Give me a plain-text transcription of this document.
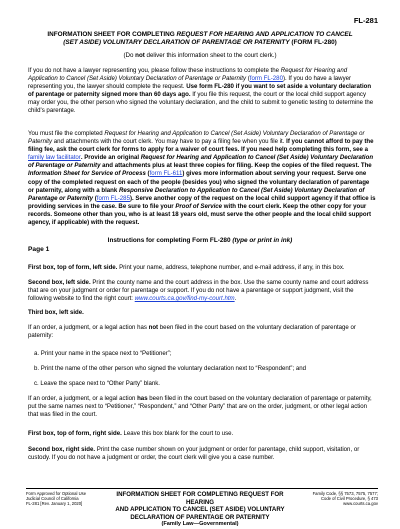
FL-281
INFORMATION SHEET FOR COMPLETING REQUEST FOR HEARING AND APPLICATION TO CANCEL
(SET ASIDE) VOLUNTARY DECLARATION OF PARENTAGE OR PATERNITY (FORM FL-280)
(Do not deliver this information sheet to the court clerk.)
If you do not have a lawyer representing you, please follow these instructions to complete the Request for Hearing and Application to Cancel (Set Aside) Voluntary Declaration of Parentage or Paternity (form FL-280). If you do have a lawyer representing you, the lawyer should complete the request. Use form FL-280 if you want to set aside a voluntary declaration of parentage or paternity signed more than 60 days ago. If you file this request, the court or the local child support agency may order you, the other person who signed the voluntary declaration, and the child to submit to genetic testing to determine the child's parentage.
You must file the completed Request for Hearing and Application to Cancel (Set Aside) Voluntary Declaration of Parentage or Paternity and attachments with the court clerk. You may have to pay a filing fee when you file it. If you cannot afford to pay the filing fee, ask the court clerk for forms to apply for a waiver of court fees. If you need help completing this form, see a family law facilitator. Provide an original Request for Hearing and Application to Cancel (Set Aside) Voluntary Declaration of Parentage or Paternity and attachments plus at least three copies for filing. Keep the copies of the filed request. The Information Sheet for Service of Process (form FL-611) gives more information about serving your request. Serve one copy of the completed request on each of the people (besides you) who signed the voluntary declaration of parentage or paternity, along with a blank Responsive Declaration to Application to Cancel (Set Aside) Voluntary Declaration of Parentage or Paternity (form FL-285). Serve another copy of the request on the local child support agency if that office is providing services in the case. Be sure to file your Proof of Service with the court clerk. Keep the other copy for your records. Someone other than you, who is at least 18 years old, must serve the other people and the local child support agency, if applicable) with the request.
Instructions for completing Form FL-280 (type or print in ink)
Page 1
First box, top of form, left side. Print your name, address, telephone number, and e-mail address, if any, in this box.
Second box, left side. Print the county name and the court address in the box. Use the same county name and court address that are on your judgment or order for parentage or support. If you do not have a parentage or support judgment, visit the following website to find the right court: www.courts.ca.gov/find-my-court.htm.
Third box, left side.
If an order, a judgment, or a legal action has not been filed in the court based on the voluntary declaration of parentage or paternity:
a. Print your name in the space next to “Petitioner”;
b. Print the name of the other person who signed the voluntary declaration next to “Respondent”; and
c. Leave the space next to “Other Party” blank.
If an order, a judgment, or a legal action has been filed in the court based on the voluntary declaration of parentage or paternity, put the same names next to “Petitioner,” “Respondent,” and “Other Party” that are on the order, judgment, or other legal action that was filed in the court.
First box, top of form, right side. Leave this box blank for the court to use.
Second box, right side. Print the case number shown on your judgment or order for parentage, child support, visitation, or custody. If you do not have a judgment or order, the court clerk will give you a case number.
Form Approved for Optional Use
Judicial Council of California
FL-281 [Rev. January 1, 2020]
INFORMATION SHEET FOR COMPLETING REQUEST FOR HEARING
AND APPLICATION TO CANCEL (SET ASIDE) VOLUNTARY
DECLARATION OF PARENTAGE OR PATERNITY
(Family Law—Governmental)
Family Code, §§ 7573, 7575, 7577;
Code of Civil Procedure, § 473
www.courts.ca.gov
